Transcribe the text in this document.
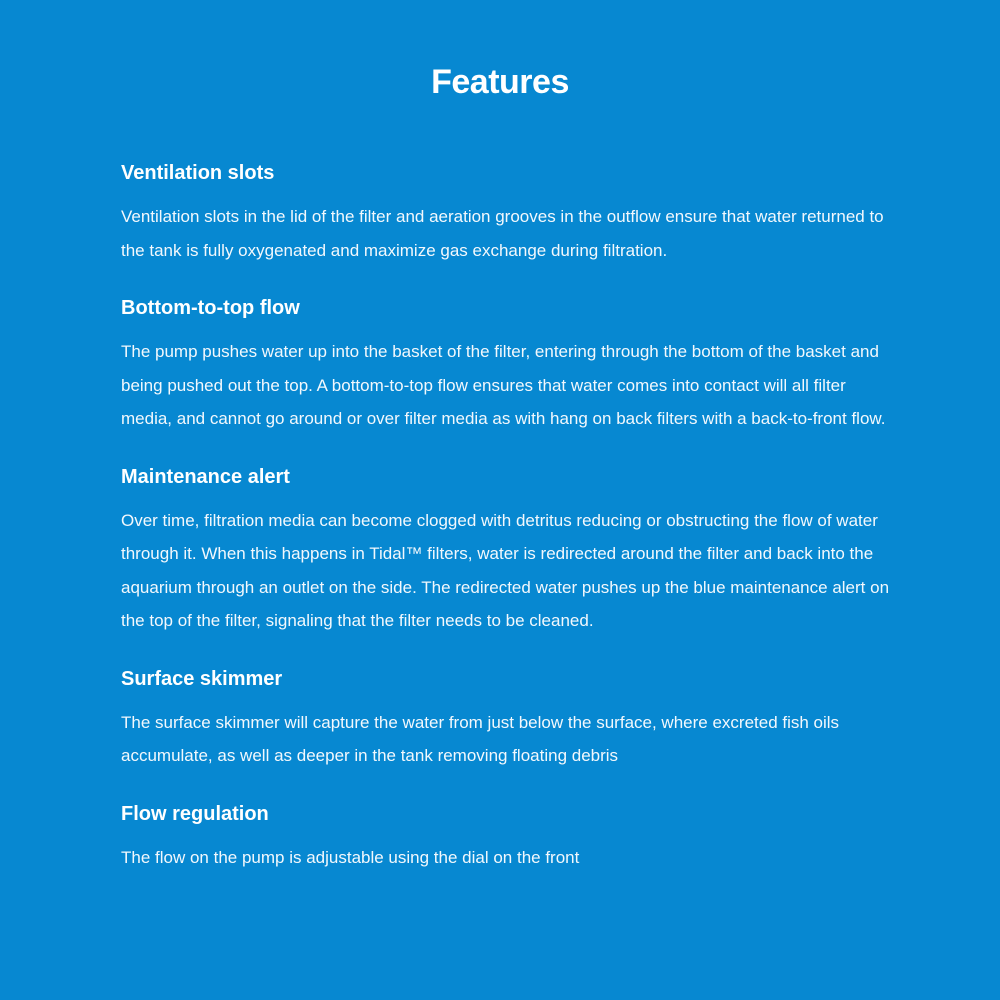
Features
Ventilation slots

Ventilation slots in the lid of the filter and aeration grooves in the outflow ensure that water returned to the tank is fully oxygenated and maximize gas exchange during filtration.

Bottom-to-top flow

The pump pushes water up into the basket of the filter, entering through the bottom of the basket and being pushed out the top. A bottom-to-top flow ensures that water comes into contact will all filter media, and cannot go around or over filter media as with hang on back filters with a back-to-front flow.

Maintenance alert

Over time, filtration media can become clogged with detritus reducing or obstructing the flow of water through it. When this happens in Tidal™ filters, water is redirected around the filter and back into the aquarium through an outlet on the side. The redirected water pushes up the blue maintenance alert on the top of the filter, signaling that the filter needs to be cleaned.

Surface skimmer

The surface skimmer will capture the water from just below the surface, where excreted fish oils accumulate, as well as deeper in the tank removing floating debris

Flow regulation

The flow on the pump is adjustable using the dial on the front
